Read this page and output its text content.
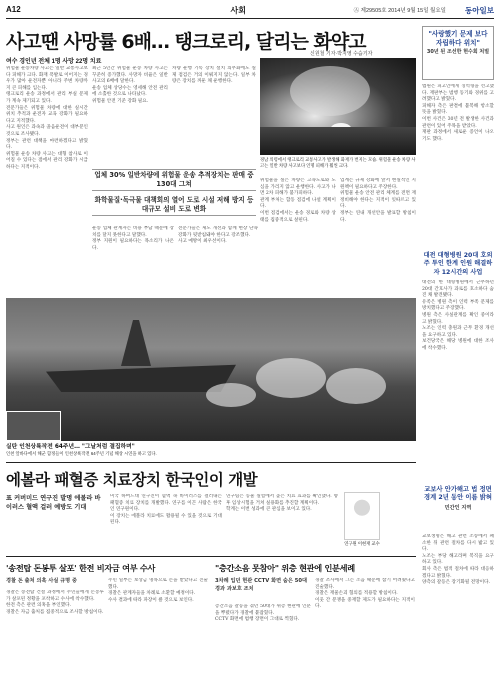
A12	사회	Ⓐ 제29505호 2014년 9월 15일 월요일	동아일보
사고땐 사망률 6배… 탱크로리, 달리는 화약고
신원철 기자·박지영 수습기자
여수 경인년 전체 1명 사망 22명 치료
위험물 운송차량 사고는 일반 교통사고보다 피해가 크다. 화재 폭발로 이어지는 경우가 많아 운전자뿐 아니라 주변 차량까지 큰 피해를 입는다.
탱크로리 운송 과정에서 관리 부실 문제가 계속 제기되고 있다.
전문가들은 위험물 차량에 대한 실시간 위치 추적과 운전자 교육 강화가 필요하다고 지적했다.
사고 원인은 과속과 졸음운전이 대부분인 것으로 조사됐다.
정부는 관련 대책을 마련하겠다고 밝혔다.
위험물 운송 차량 사고는 대형 참사로 이어질 수 있다는 점에서 관리 강화가 시급하다는 지적이다.
최근 5년간 위험물 운송 차량 사고는 꾸준히 증가했다. 사망자 비율은 일반 사고의 6배에 달한다.
운송 업체 상당수는 영세해 안전 관리에 소홀한 것으로 나타났다.
위험물 안전 기준 강화 필요.
차량 운행 기록 장치 설치 의무화에도 실제 점검은 거의 이뤄지지 않는다. 일부 차량은 장치를 꺼둔 채 운행한다.
업체 30% 일반차량에 위험물 운송 추적장치는 판매 중 130대 그쳐
화학물질·독극물 대책회의 열어 도로 시설 저해 방지 등 대규모 설비 도로 변화
운송 업체 관계자는 비용 부담 때문에 장치를 달지 못한다고 말했다.
정부 지원이 필요하다는 목소리가 나온다.
전문가들은 제도 개선과 함께 현장 단속 강화가 뒷받침돼야 한다고 강조했다.
사고 예방이 최우선이다.
경남 의령에서 탱크로리 교통사고가 발생해 화재가 번지는 모습. 위험물 운송 차량 사고는 일반 차량 사고보다 인명 피해가 훨씬 크다.
위험물을 실은 차량은 고속도로와 도심을 가리지 않고 운행한다. 사고가 나면 2차 피해가 불가피하다.
관계 부처는 합동 점검에 나설 계획이다.
이번 점검에서는 운송 경로와 차량 상태를 집중적으로 살핀다.
업계는 규제 강화에 앞서 현실적인 지원책이 필요하다고 주장한다.
위험물 운송 안전 관리 체계를 전면 재정비해야 한다는 지적이 잇따르고 있다.
정부는 연내 개선안을 발표할 방침이다.
"사랑했기 문제 보다 자립하다 위치"
30년 된 조선한 현수회 처벌
법원은 피고인에게 징역형을 선고했다. 재판부는 범행 동기와 경위를 고려했다고 밝혔다.
피해자 측은 판결에 불복해 항소할 뜻을 밝혔다.
이번 사건은 30년 전 발생한 사건과 관련이 있어 주목을 받았다.
재판 과정에서 새로운 증언이 나오기도 했다.
대전 대형병원 20대 호외주 투인 한계 인원 해결하자 12시간의 사업
대전의 한 대형병원에서 근무하던 20대 간호사가 과로를 호소하다 숨진 채 발견됐다.
유족은 병원 측이 인력 부족 문제를 방치했다고 주장했다.
병원 측은 사실관계를 확인 중이라고 밝혔다.
노조는 인력 충원과 근무 환경 개선을 요구하고 있다.
보건당국은 해당 병원에 대한 조사에 착수했다.
실탄 인천상륙작전 64주년… "그날처럼 결집하며"
인천 앞바다에서 해군 함정들이 인천상륙작전 64주년 기념 해상 시연을 하고 있다.
에볼라 패혈증 치료장치 한국인이 개발
표 커버미드 연구진 발명 에볼라 바이러스 혈액 걸러 예방도 기대
미국 하버드대 연구진이 혈액 속 바이러스를 걸러내는 패혈증 치료 장치를 개발했다. 연구를 이끈 사람은 한국인 연구원이다.
이 장치는 에볼라 치료에도 활용될 수 있을 것으로 기대된다.
연구팀은 동물 실험에서 높은 치료 효과를 확인했다. 향후 임상시험을 거쳐 실용화를 추진할 계획이다.
학계는 이번 성과에 큰 관심을 보이고 있다.
연구원 이현재 교수
'송전탑 돈봉투 살포' 한전 비자금 여부 수사
경찰 돈 출처 의혹 사실 규명 중
경찰은 송전탑 건설 과정에서 주민들에게 돈봉투가 살포된 정황을 포착하고 수사에 착수했다.
한전 측은 관련 의혹을 부인했다.
경찰은 자금 출처를 집중적으로 조사할 방침이다.
주민 일부는 보상금 명목으로 돈을 받았다고 진술했다.
경찰은 관계자들을 차례로 소환할 예정이다.
수사 결과에 따라 파장이 클 것으로 보인다.
"층간소음 못참아" 위층 현관에 인분세례
3차례 입던 현관 CCTV 화면 숨은 50대 경과 과보호 조치
층간소음 갈등을 겪던 50대가 위층 현관에 인분을 뿌렸다가 경찰에 붙잡혔다.
CCTV 화면에 범행 장면이 그대로 찍혔다.
경찰 조사에서 그는 소음 때문에 참기 어려웠다고 진술했다.
경찰은 재물손괴 혐의를 적용할 방침이다.
이웃 간 분쟁을 중재할 제도가 필요하다는 지적이다.
교보사 안가해고 법 정면 경계 2년 동안 이름 밝혀
민간인 지역
교보생명은 해고 관련 소송에서 패소한 뒤 관련 절차를 다시 밟고 있다.
노조는 부당 해고라며 복직을 요구하고 있다.
회사 측은 법적 절차에 따라 대응하겠다고 밝혔다.
양측의 갈등은 장기화될 전망이다.
